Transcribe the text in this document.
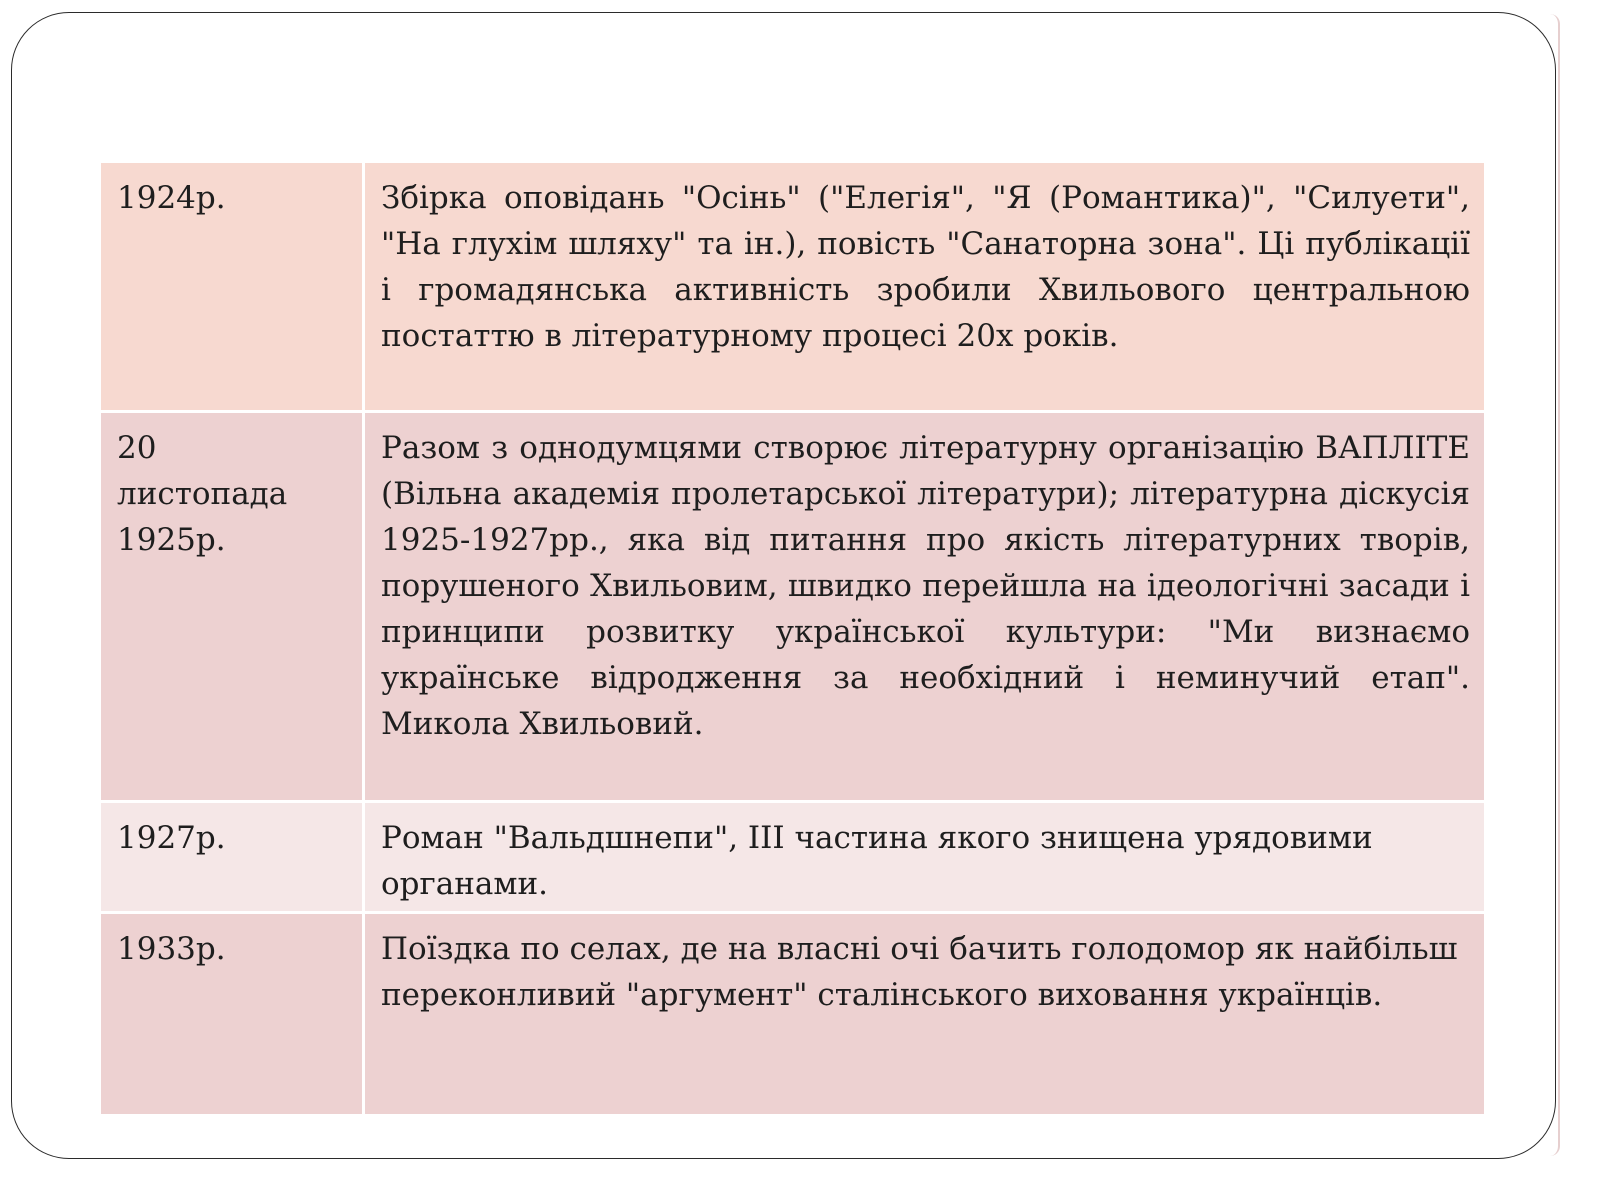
1924р.	Збірка оповідань "Осінь" ("Елегія", "Я (Романтика)", "Силуети", "На глухім шляху" та ін.), повість "Санаторна зона". Ці публікації і громадянська активність зробили Хвильового центральною постаттю в літературному процесі 20х років.
20 листопада 1925р.	Разом з однодумцями створює літературну організацію ВАПЛІТЕ (Вільна академія пролетарської літератури); літературна діскусія 1925-1927рр., яка від питання про якість літературних творів, порушеного Хвильовим, швидко перейшла на ідеологічні засади і принципи розвитку української культури: "Ми визнаємо українське відродження за необхідний і неминучий етап". Микола Хвильовий.
1927р.	Роман "Вальдшнепи", III частина якого знищена урядовими органами.
1933р.	Поїздка по селах, де на власні очі бачить голодомор як найбільш переконливий "аргумент" сталінського виховання українців.
